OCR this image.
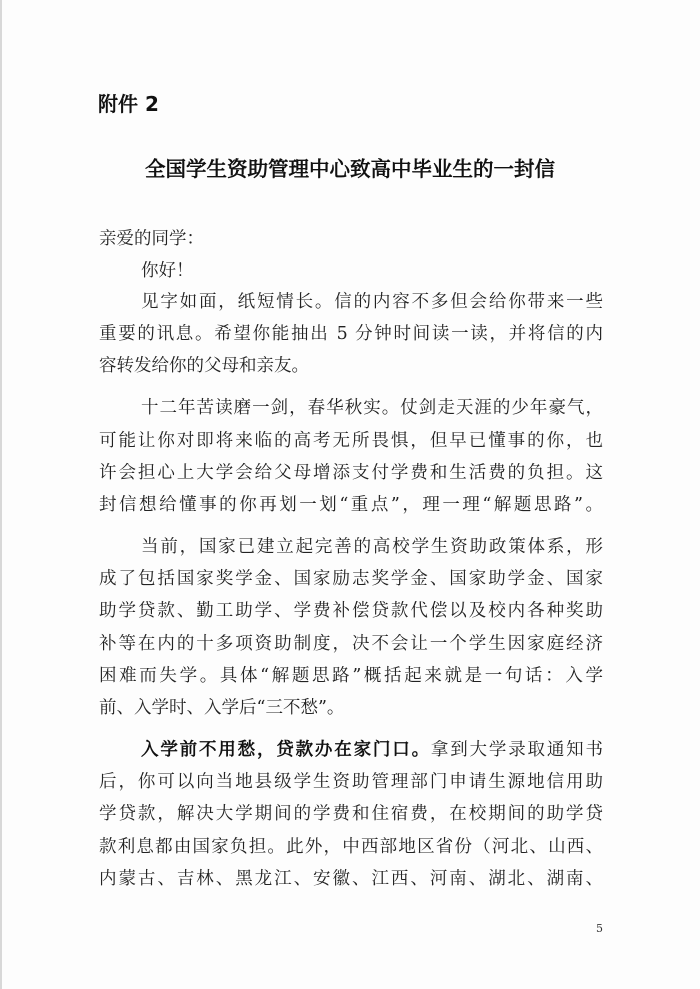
附件 2
全国学生资助管理中心致高中毕业生的一封信
亲爱的同学：
你好！
见字如面，纸短情长。信的内容不多但会给你带来一些
重要的讯息。希望你能抽出 5 分钟时间读一读，并将信的内
容转发给你的父母和亲友。
十二年苦读磨一剑，春华秋实。仗剑走天涯的少年豪气，
可能让你对即将来临的高考无所畏惧，但早已懂事的你，也
许会担心上大学会给父母增添支付学费和生活费的负担。这
封信想给懂事的你再划一划“重点”，理一理“解题思路”。
当前，国家已建立起完善的高校学生资助政策体系，形
成了包括国家奖学金、国家励志奖学金、国家助学金、国家
助学贷款、勤工助学、学费补偿贷款代偿以及校内各种奖助
补等在内的十多项资助制度，决不会让一个学生因家庭经济
困难而失学。具体“解题思路”概括起来就是一句话：入学
前、入学时、入学后“三不愁”。
入学前不用愁，贷款办在家门口。拿到大学录取通知书
后，你可以向当地县级学生资助管理部门申请生源地信用助
学贷款，解决大学期间的学费和住宿费，在校期间的助学贷
款利息都由国家负担。此外，中西部地区省份（河北、山西、
内蒙古、吉林、黑龙江、安徽、江西、河南、湖北、湖南、
5
